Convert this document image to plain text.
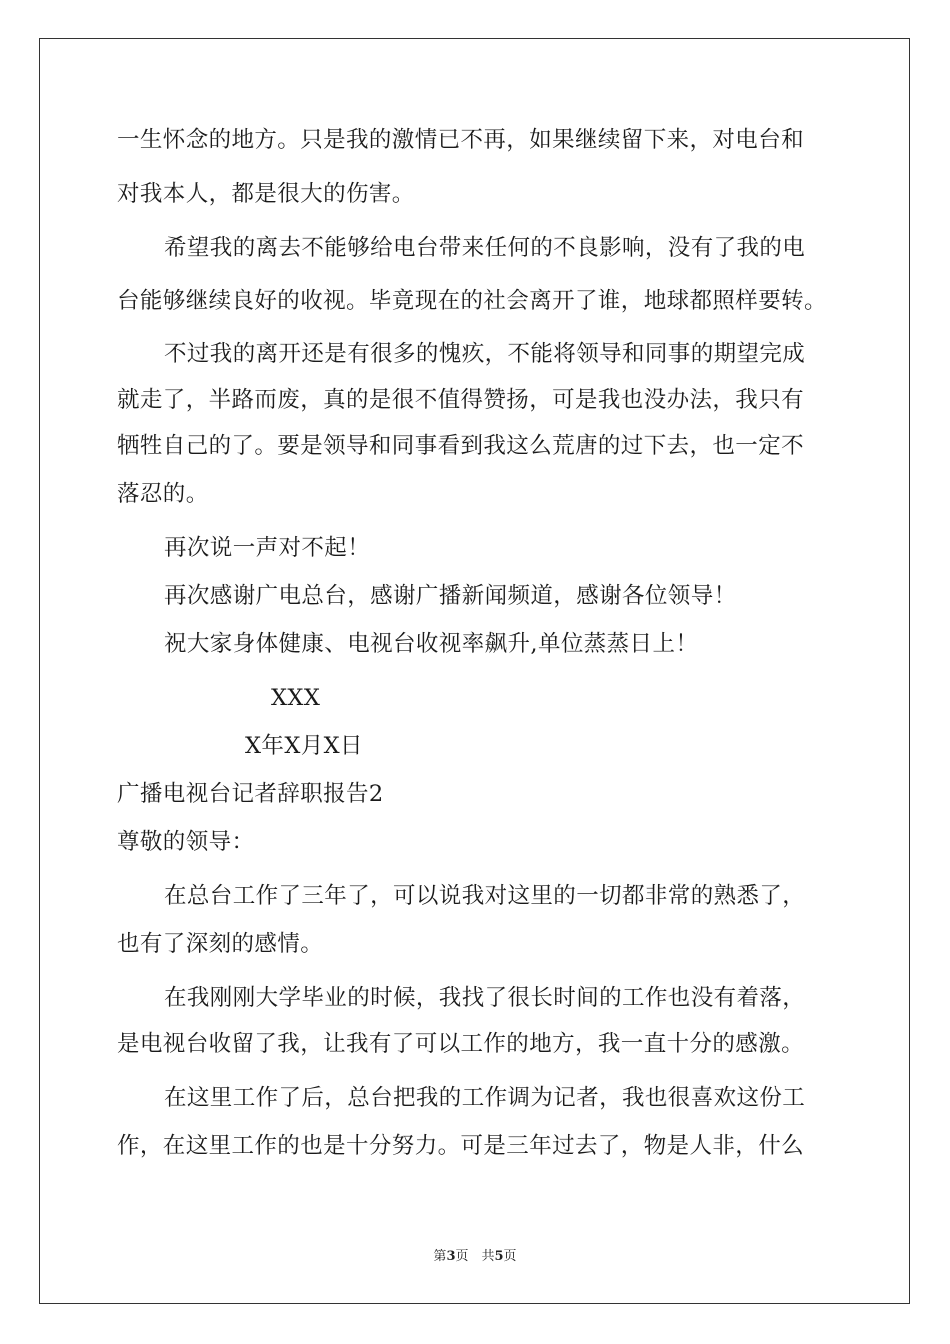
一生怀念的地方。只是我的激情已不再，如果继续留下来，对电台和
对我本人，都是很大的伤害。
希望我的离去不能够给电台带来任何的不良影响，没有了我的电
台能够继续良好的收视。毕竟现在的社会离开了谁，地球都照样要转。
不过我的离开还是有很多的愧疚，不能将领导和同事的期望完成
就走了，半路而废，真的是很不值得赞扬，可是我也没办法，我只有
牺牲自己的了。要是领导和同事看到我这么荒唐的过下去，也一定不
落忍的。
再次说一声对不起！
再次感谢广电总台，感谢广播新闻频道，感谢各位领导！
祝大家身体健康、电视台收视率飙升,单位蒸蒸日上！
XXX
X年X月X日
广播电视台记者辞职报告2
尊敬的领导：
在总台工作了三年了，可以说我对这里的一切都非常的熟悉了，
也有了深刻的感情。
在我刚刚大学毕业的时候，我找了很长时间的工作也没有着落，
是电视台收留了我，让我有了可以工作的地方，我一直十分的感激。
在这里工作了后，总台把我的工作调为记者，我也很喜欢这份工
作，在这里工作的也是十分努力。可是三年过去了，物是人非，什么
第3页　共5页
